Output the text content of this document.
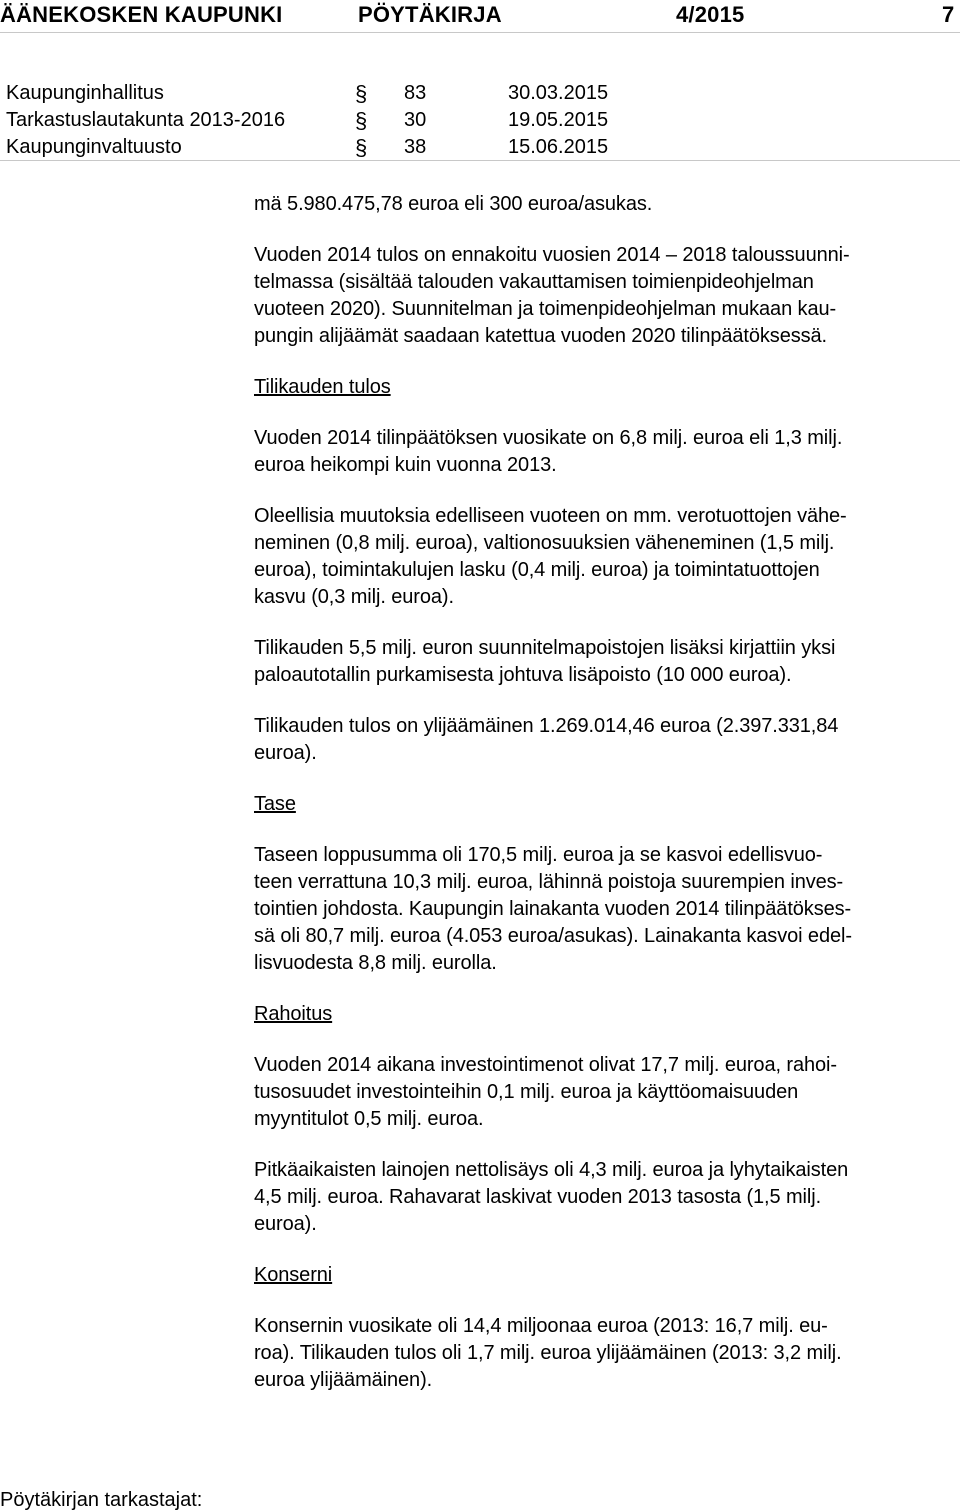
ÄÄNEKOSKEN KAUPUNKI	PÖYTÄKIRJA	4/2015	7
Kaupunginhallitus	§ 83	30.03.2015
Tarkastuslautakunta 2013-2016	§ 30	19.05.2015
Kaupunginvaltuusto	§ 38	15.06.2015

mä 5.980.475,78 euroa eli 300 euroa/asukas.

Vuoden 2014 tulos on ennakoitu vuosien 2014 – 2018 taloussuunni-
telmassa (sisältää talouden vakauttamisen toimienpideohjelman
vuoteen 2020). Suunnitelman ja toimenpideohjelman mukaan kau-
pungin alijäämät saadaan katettua vuoden 2020 tilinpäätöksessä.

Tilikauden tulos

Vuoden 2014 tilinpäätöksen vuosikate on 6,8 milj. euroa eli 1,3 milj.
euroa heikompi kuin vuonna 2013.

Oleellisia muutoksia edelliseen vuoteen on mm. verotuottojen vähe-
neminen (0,8 milj. euroa), valtionosuuksien väheneminen (1,5 milj.
euroa), toimintakulujen lasku (0,4 milj. euroa) ja toimintatuottojen
kasvu (0,3 milj. euroa).

Tilikauden 5,5 milj. euron suunnitelmapoistojen lisäksi kirjattiin yksi
paloautotallin purkamisesta johtuva lisäpoisto (10 000 euroa).

Tilikauden tulos on ylijäämäinen 1.269.014,46 euroa (2.397.331,84
euroa).

Tase

Taseen loppusumma oli 170,5 milj. euroa ja se kasvoi edellisvuo-
teen verrattuna 10,3 milj. euroa, lähinnä poistoja suurempien inves-
tointien johdosta. Kaupungin lainakanta vuoden 2014 tilinpäätökses-
sä oli 80,7 milj. euroa (4.053 euroa/asukas). Lainakanta kasvoi edel-
lisvuodesta 8,8 milj. eurolla.

Rahoitus

Vuoden 2014 aikana investointimenot olivat 17,7 milj. euroa, rahoi-
tusosuudet investointeihin 0,1 milj. euroa ja käyttöomaisuuden
myyntitulot 0,5 milj. euroa.

Pitkäaikaisten lainojen nettolisäys oli 4,3 milj. euroa ja lyhytaikaisten
4,5 milj. euroa. Rahavarat laskivat vuoden 2013 tasosta (1,5 milj.
euroa).

Konserni

Konsernin vuosikate oli 14,4 miljoonaa euroa (2013: 16,7 milj. eu-
roa). Tilikauden tulos oli 1,7 milj. euroa ylijäämäinen (2013: 3,2 milj.
euroa ylijäämäinen).

Pöytäkirjan tarkastajat:
